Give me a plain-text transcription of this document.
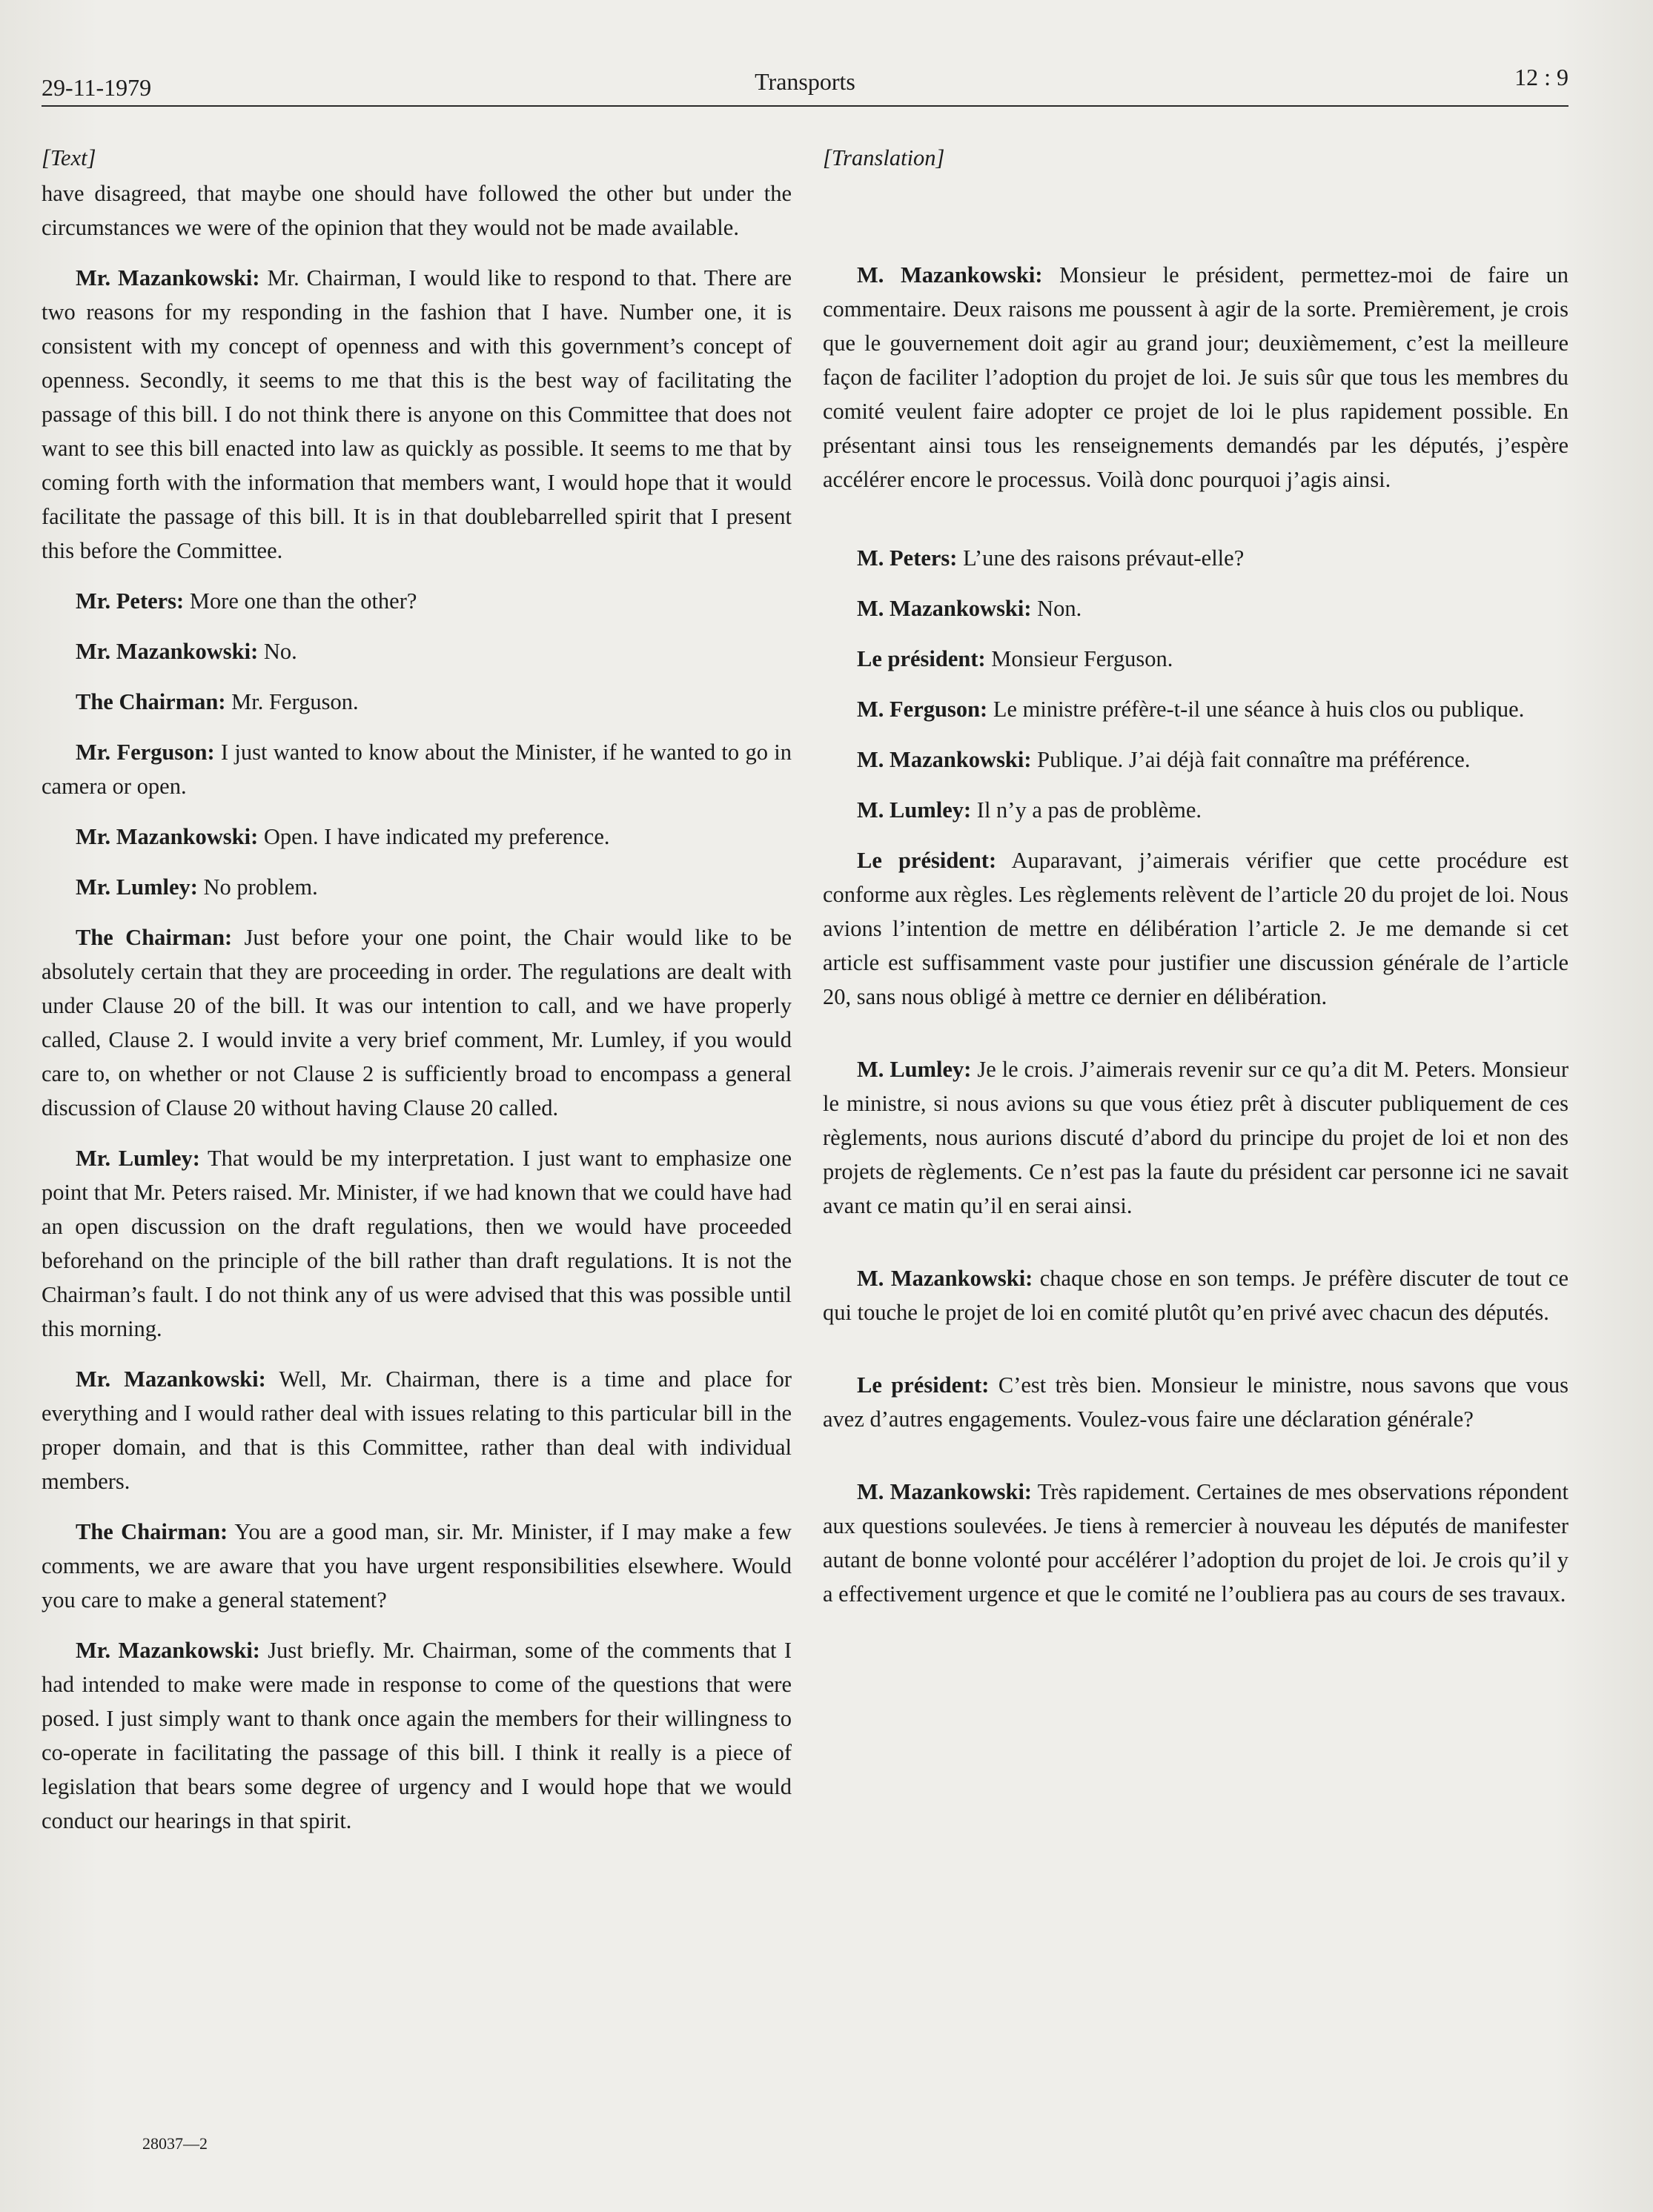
29-11-1979	Transports	12 : 9
[Text]

have disagreed, that maybe one should have followed the other but under the circumstances we were of the opinion that they would not be made available.

Mr. Mazankowski: Mr. Chairman, I would like to respond to that. There are two reasons for my responding in the fashion that I have. Number one, it is consistent with my concept of openness and with this government’s concept of openness. Secondly, it seems to me that this is the best way of facilitating the passage of this bill. I do not think there is anyone on this Committee that does not want to see this bill enacted into law as quickly as possible. It seems to me that by coming forth with the information that members want, I would hope that it would facilitate the passage of this bill. It is in that doublebarrelled spirit that I present this before the Committee.

Mr. Peters: More one than the other?

Mr. Mazankowski: No.

The Chairman: Mr. Ferguson.

Mr. Ferguson: I just wanted to know about the Minister, if he wanted to go in camera or open.

Mr. Mazankowski: Open. I have indicated my preference.

Mr. Lumley: No problem.

The Chairman: Just before your one point, the Chair would like to be absolutely certain that they are proceeding in order. The regulations are dealt with under Clause 20 of the bill. It was our intention to call, and we have properly called, Clause 2. I would invite a very brief comment, Mr. Lumley, if you would care to, on whether or not Clause 2 is sufficiently broad to encompass a general discussion of Clause 20 without having Clause 20 called.

Mr. Lumley: That would be my interpretation. I just want to emphasize one point that Mr. Peters raised. Mr. Minister, if we had known that we could have had an open discussion on the draft regulations, then we would have proceeded beforehand on the principle of the bill rather than draft regulations. It is not the Chairman’s fault. I do not think any of us were advised that this was possible until this morning.

Mr. Mazankowski: Well, Mr. Chairman, there is a time and place for everything and I would rather deal with issues relating to this particular bill in the proper domain, and that is this Committee, rather than deal with individual members.

The Chairman: You are a good man, sir. Mr. Minister, if I may make a few comments, we are aware that you have urgent responsibilities elsewhere. Would you care to make a general statement?

Mr. Mazankowski: Just briefly. Mr. Chairman, some of the comments that I had intended to make were made in response to come of the questions that were posed. I just simply want to thank once again the members for their willingness to co-operate in facilitating the passage of this bill. I think it really is a piece of legislation that bears some degree of urgency and I would hope that we would conduct our hearings in that spirit.

[Translation]

M. Mazankowski: Monsieur le président, permettez-moi de faire un commentaire. Deux raisons me poussent à agir de la sorte. Premièrement, je crois que le gouvernement doit agir au grand jour; deuxièmement, c’est la meilleure façon de faciliter l’adoption du projet de loi. Je suis sûr que tous les membres du comité veulent faire adopter ce projet de loi le plus rapidement possible. En présentant ainsi tous les renseignements demandés par les députés, j’espère accélérer encore le processus. Voilà donc pourquoi j’agis ainsi.

M. Peters: L’une des raisons prévaut-elle?

M. Mazankowski: Non.

Le président: Monsieur Ferguson.

M. Ferguson: Le ministre préfère-t-il une séance à huis clos ou publique.

M. Mazankowski: Publique. J’ai déjà fait connaître ma préférence.

M. Lumley: Il n’y a pas de problème.

Le président: Auparavant, j’aimerais vérifier que cette procédure est conforme aux règles. Les règlements relèvent de l’article 20 du projet de loi. Nous avions l’intention de mettre en délibération l’article 2. Je me demande si cet article est suffisamment vaste pour justifier une discussion générale de l’article 20, sans nous obligé à mettre ce dernier en délibération.

M. Lumley: Je le crois. J’aimerais revenir sur ce qu’a dit M. Peters. Monsieur le ministre, si nous avions su que vous étiez prêt à discuter publiquement de ces règlements, nous aurions discuté d’abord du principe du projet de loi et non des projets de règlements. Ce n’est pas la faute du président car personne ici ne savait avant ce matin qu’il en serai ainsi.

M. Mazankowski: chaque chose en son temps. Je préfère discuter de tout ce qui touche le projet de loi en comité plutôt qu’en privé avec chacun des députés.

Le président: C’est très bien. Monsieur le ministre, nous savons que vous avez d’autres engagements. Voulez-vous faire une déclaration générale?

M. Mazankowski: Très rapidement. Certaines de mes observations répondent aux questions soulevées. Je tiens à remercier à nouveau les députés de manifester autant de bonne volonté pour accélérer l’adoption du projet de loi. Je crois qu’il y a effectivement urgence et que le comité ne l’oubliera pas au cours de ses travaux.

28037—2
